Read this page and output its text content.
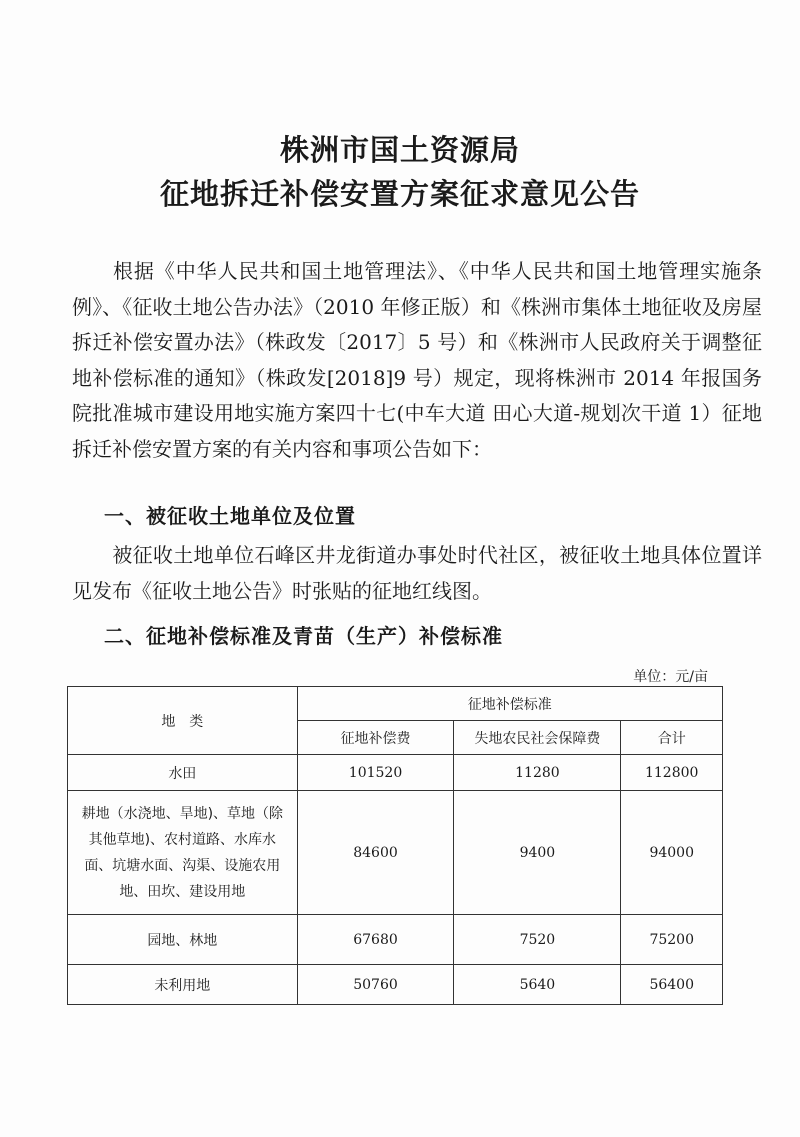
株洲市国土资源局
征地拆迁补偿安置方案征求意见公告
根据《中华人民共和国土地管理法》、《中华人民共和国土地管理实施条例》、《征收土地公告办法》（2010 年修正版）和《株洲市集体土地征收及房屋拆迁补偿安置办法》（株政发〔2017〕5 号）和《株洲市人民政府关于调整征地补偿标准的通知》（株政发[2018]9 号）规定，现将株洲市 2014 年报国务院批准城市建设用地实施方案四十七(中车大道 田心大道-规划次干道 1）征地拆迁补偿安置方案的有关内容和事项公告如下：
一、被征收土地单位及位置
被征收土地单位石峰区井龙街道办事处时代社区，被征收土地具体位置详见发布《征收土地公告》时张贴的征地红线图。
二、征地补偿标准及青苗（生产）补偿标准
单位：元/亩
地　类	征地补偿标准		
	征地补偿费	失地农民社会保障费	合计
水田	101520	11280	112800
耕地（水浇地、旱地)、草地（除其他草地)、农村道路、水库水面、坑塘水面、沟渠、设施农用地、田坎、建设用地	84600	9400	94000
园地、林地	67680	7520	75200
未利用地	50760	5640	56400
